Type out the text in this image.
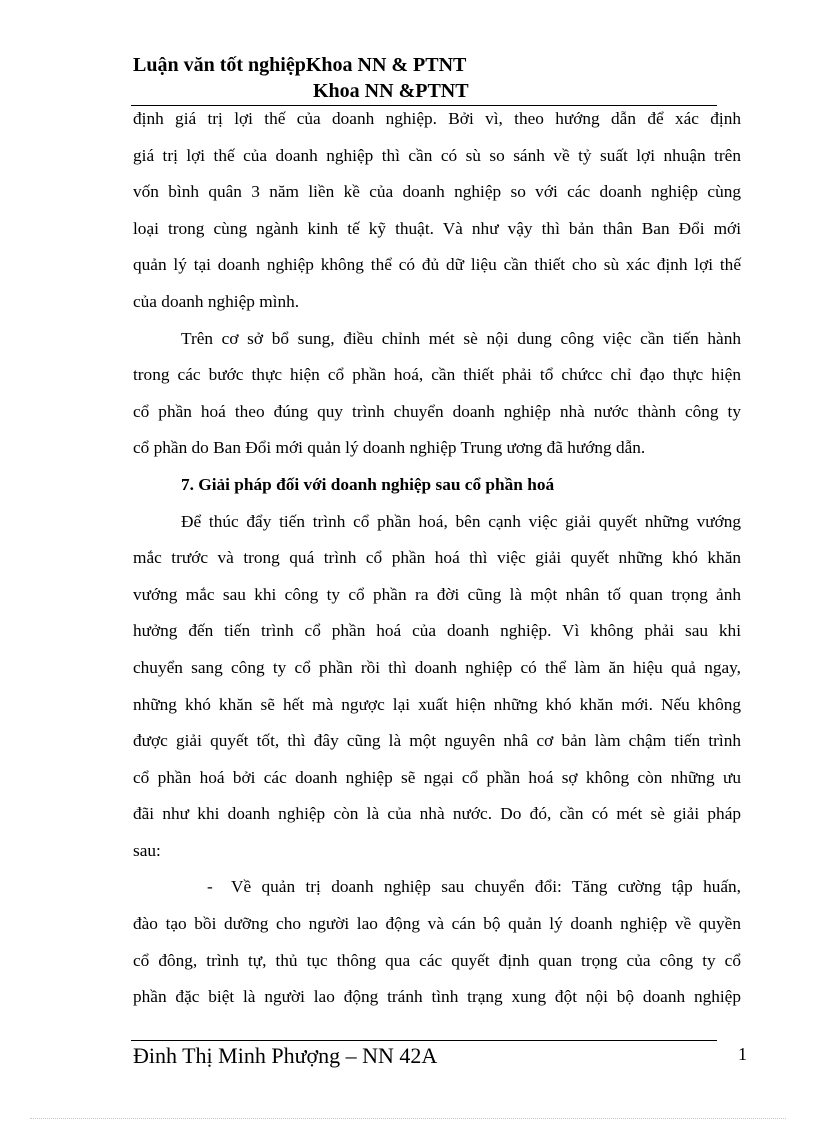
Luận văn tốt nghiệpKhoa NN & PTNT
Khoa NN &PTNT

định giá trị lợi thế của doanh nghiệp. Bởi vì, theo hướng dẫn để xác định

giá trị lợi thế của doanh nghiệp thì cần có sù so sánh về tỷ suất lợi nhuận trên

vốn bình quân 3 năm liền kề của doanh nghiệp so với các doanh nghiệp cùng

loại trong cùng ngành kinh tế kỹ thuật. Và như vậy thì bản thân Ban Đổi mới

quản lý tại doanh nghiệp không thể có đủ dữ liệu cần thiết cho sù xác định lợi thế

của doanh nghiệp mình.

Trên cơ sở bổ sung, điều chỉnh mét sè nội dung công việc cần tiến hành

trong các bước thực hiện cổ phần hoá, cần thiết phải tổ chứcc chỉ đạo thực hiện

cổ phần hoá theo đúng quy trình chuyển doanh nghiệp nhà nước thành công ty

cổ phần do Ban Đổi mới quản lý doanh nghiệp Trung ương đã hướng dẫn.

7. Giải pháp đối với doanh nghiệp sau cổ phần hoá

Để thúc đẩy tiến trình cổ phần hoá, bên cạnh việc giải quyết những vướng

mắc trước và trong quá trình cổ phần hoá thì việc giải quyết những khó khăn

vướng mắc sau khi công ty cổ phần ra đời cũng là một nhân tố quan trọng ảnh

hưởng đến tiến trình cổ phần hoá của doanh nghiệp. Vì không phải sau khi

chuyển sang công ty cổ phần rồi thì doanh nghiệp có thể làm ăn hiệu quả ngay,

những khó khăn sẽ hết mà ngược lại xuất hiện những khó khăn mới. Nếu không

được giải quyết tốt, thì đây cũng là một nguyên nhâ cơ bản làm chậm tiến trình

cổ phần hoá bởi các doanh nghiệp sẽ ngại cổ phần hoá sợ không còn những ưu

đãi như khi doanh nghiệp còn là của nhà nước. Do đó, cần có mét sè giải pháp

sau:

- Về quản trị doanh nghiệp sau chuyển đổi: Tăng cường tập huấn,

đào tạo bồi dưỡng cho người lao động và cán bộ quản lý doanh nghiệp về quyền

cổ đông, trình tự, thủ tục thông qua các quyết định quan trọng của công ty cổ

phần đặc biệt là người lao động tránh tình trạng xung đột nội bộ doanh nghiệp

Đinh Thị Minh Phượng – NN 42A	1
